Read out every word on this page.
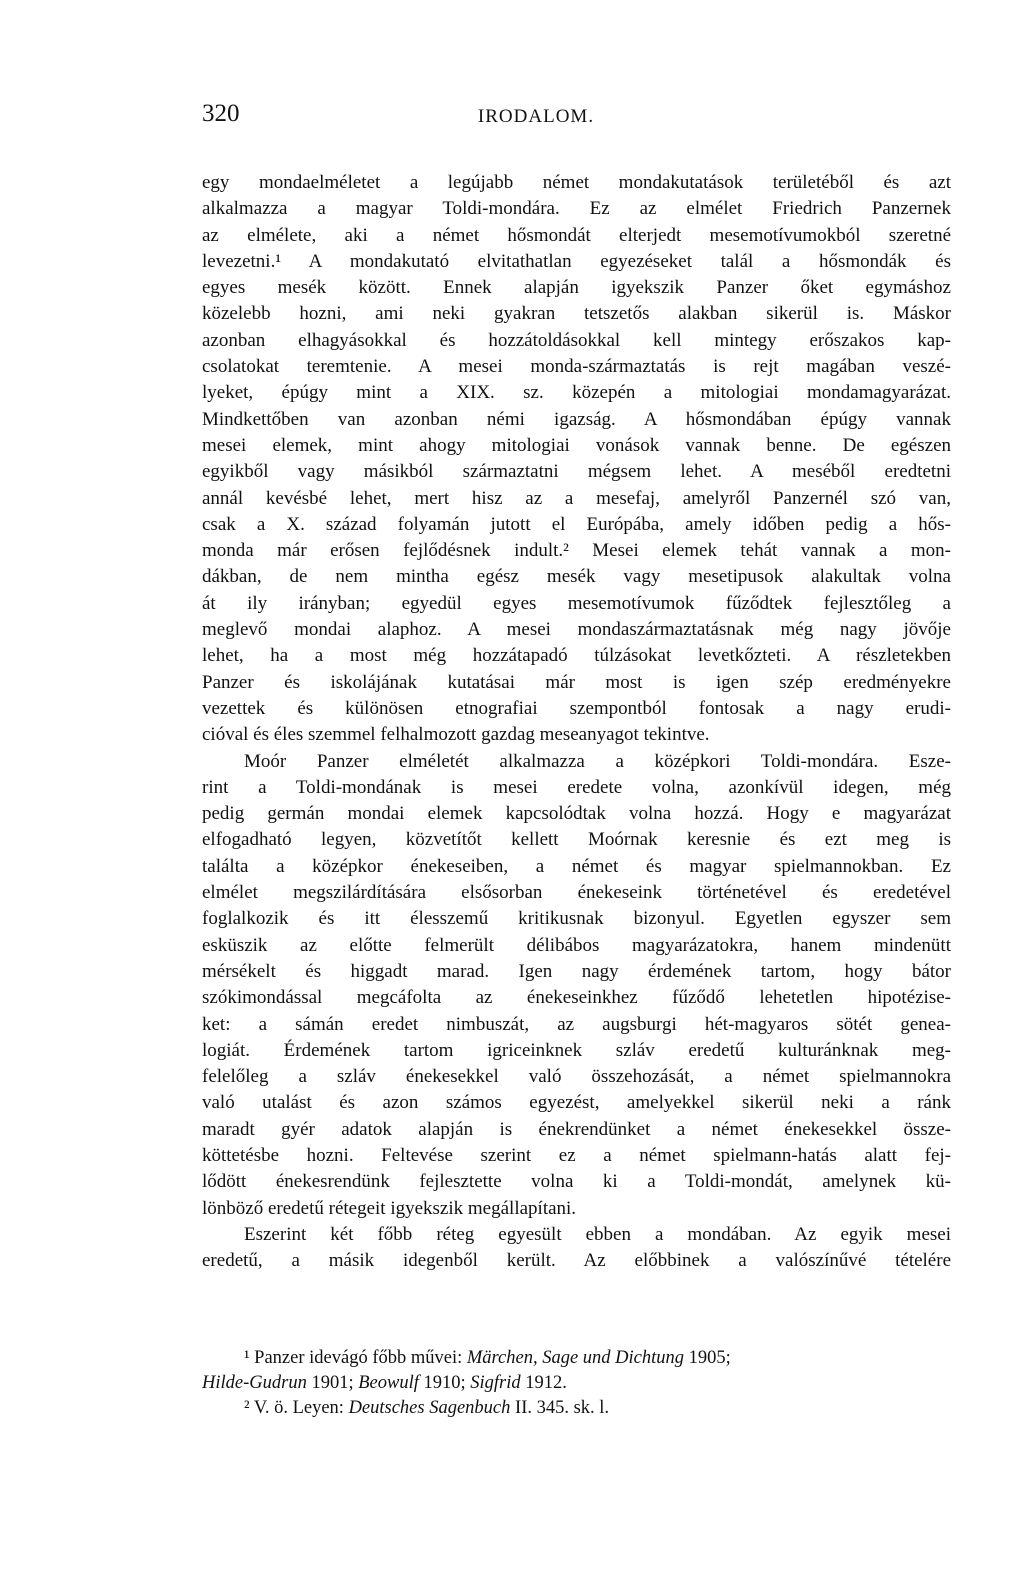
320	IRODALOM.
egy mondaelméletet a legújabb német mondakutatások területéből és azt
alkalmazza a magyar Toldi-mondára. Ez az elmélet Friedrich Panzernek
az elmélete, aki a német hősmondát elterjedt mesemotívumokból szeretné
levezetni.¹ A mondakutató elvitathatlan egyezéseket talál a hősmondák és
egyes mesék között. Ennek alapján igyekszik Panzer őket egymáshoz
közelebb hozni, ami neki gyakran tetszetős alakban sikerül is. Máskor
azonban elhagyásokkal és hozzátoldásokkal kell mintegy erőszakos kap-
csolatokat teremtenie. A mesei monda-származtatás is rejt magában veszé-
lyeket, épúgy mint a XIX. sz. közepén a mitologiai mondamagyarázat.
Mindkettőben van azonban némi igazság. A hősmondában épúgy vannak
mesei elemek, mint ahogy mitologiai vonások vannak benne. De egészen
egyikből vagy másikból származtatni mégsem lehet. A meséből eredtetni
annál kevésbé lehet, mert hisz az a mesefaj, amelyről Panzernél szó van,
csak a X. század folyamán jutott el Európába, amely időben pedig a hős-
monda már erősen fejlődésnek indult.² Mesei elemek tehát vannak a mon-
dákban, de nem mintha egész mesék vagy mesetipusok alakultak volna
át ily irányban; egyedül egyes mesemotívumok fűződtek fejlesztőleg a
meglevő mondai alaphoz. A mesei mondaszármaztatásnak még nagy jövője
lehet, ha a most még hozzátapadó túlzásokat levetkőzteti. A részletekben
Panzer és iskolájának kutatásai már most is igen szép eredményekre
vezettek és különösen etnografiai szempontból fontosak a nagy erudi-
cióval és éles szemmel felhalmozott gazdag meseanyagot tekintve.
Moór Panzer elméletét alkalmazza a középkori Toldi-mondára. Esze-
rint a Toldi-mondának is mesei eredete volna, azonkívül idegen, még
pedig germán mondai elemek kapcsolódtak volna hozzá. Hogy e magyarázat
elfogadható legyen, közvetítőt kellett Moórnak keresnie és ezt meg is
találta a középkor énekeseiben, a német és magyar spielmannokban. Ez
elmélet megszilárdítására elsősorban énekeseink történetével és eredetével
foglalkozik és itt élesszemű kritikusnak bizonyul. Egyetlen egyszer sem
esküszik az előtte felmerült délibábos magyarázatokra, hanem mindenütt
mérsékelt és higgadt marad. Igen nagy érdemének tartom, hogy bátor
szókimondással megcáfolta az énekeseinkhez fűződő lehetetlen hipotézise-
ket: a sámán eredet nimbuszát, az augsburgi hét-magyaros sötét genea-
logiát. Érdemének tartom igriceinknek szláv eredetű kulturánknak meg-
felelőleg a szláv énekesekkel való összehozását, a német spielmannokra
való utalást és azon számos egyezést, amelyekkel sikerül neki a ránk
maradt gyér adatok alapján is énekrendünket a német énekesekkel össze-
köttetésbe hozni. Feltevése szerint ez a német spielmann-hatás alatt fej-
lődött énekesrendünk fejlesztette volna ki a Toldi-mondát, amelynek kü-
lönböző eredetű rétegeit igyekszik megállapítani.
Eszerint két főbb réteg egyesült ebben a mondában. Az egyik mesei
eredetű, a másik idegenből került. Az előbbinek a valószínűvé tételére
¹ Panzer idevágó főbb művei: Märchen, Sage und Dichtung 1905;
Hilde-Gudrun 1901; Beowulf 1910; Sigfrid 1912.
² V. ö. Leyen: Deutsches Sagenbuch II. 345. sk. l.
